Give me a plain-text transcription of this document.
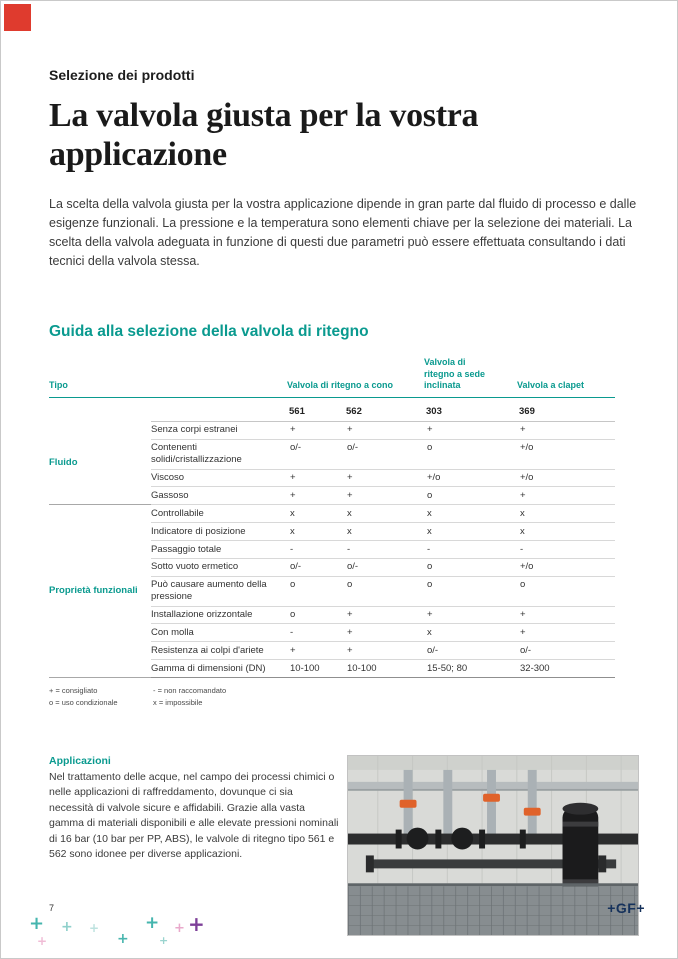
Selezione dei prodotti
La valvola giusta per la vostra applicazione

La scelta della valvola giusta per la vostra applicazione dipende in gran parte dal fluido di processo e dalle esigenze funzionali. La pressione e la temperatura sono elementi chiave per la selezione dei materiali. La scelta della valvola adeguata in funzione di questi due parametri può essere effettuata consultando i dati tecnici della valvola stessa.

Guida alla selezione della valvola di ritegno
Tipo		Valvola di ritegno a cono		Valvola di ritegno a sede inclinata	Valvola a clapet
		561	562	303	369
Fluido	Senza corpi estranei	+	+	+	+
	Contenenti solidi/cristallizzazione	o/-	o/-	o	+/o
	Viscoso	+	+	+/o	+/o
	Gassoso	+	+	o	+
Proprietà funzionali	Controllabile	x	x	x	x
	Indicatore di posizione	x	x	x	x
	Passaggio totale	-	-	-	-
	Sotto vuoto ermetico	o/-	o/-	o	+/o
	Può causare aumento della pressione	o	o	o	o
	Installazione orizzontale	o	+	+	+
	Con molla	-	+	x	+
	Resistenza ai colpi d'ariete	+	+	o/-	o/-
	Gamma di dimensioni (DN)	10-100	10-100	15-50; 80	32-300
+ = consigliato
o = uso condizionale
- = non raccomandato
x = impossibile
Applicazioni

Nel trattamento delle acque, nel campo dei processi chimici o nelle applicazioni di raffreddamento, dovunque ci sia necessità di valvole sicure e affidabili. Grazie alla vasta gamma di materiali disponibili e alle elevate pressioni nominali di 16 bar (10 bar per PP, ABS), le valvole di ritegno tipo 561 e 562 sono idonee per diverse applicazioni.

7	+GF+
+
+
+
+
+
+
+
+
+
